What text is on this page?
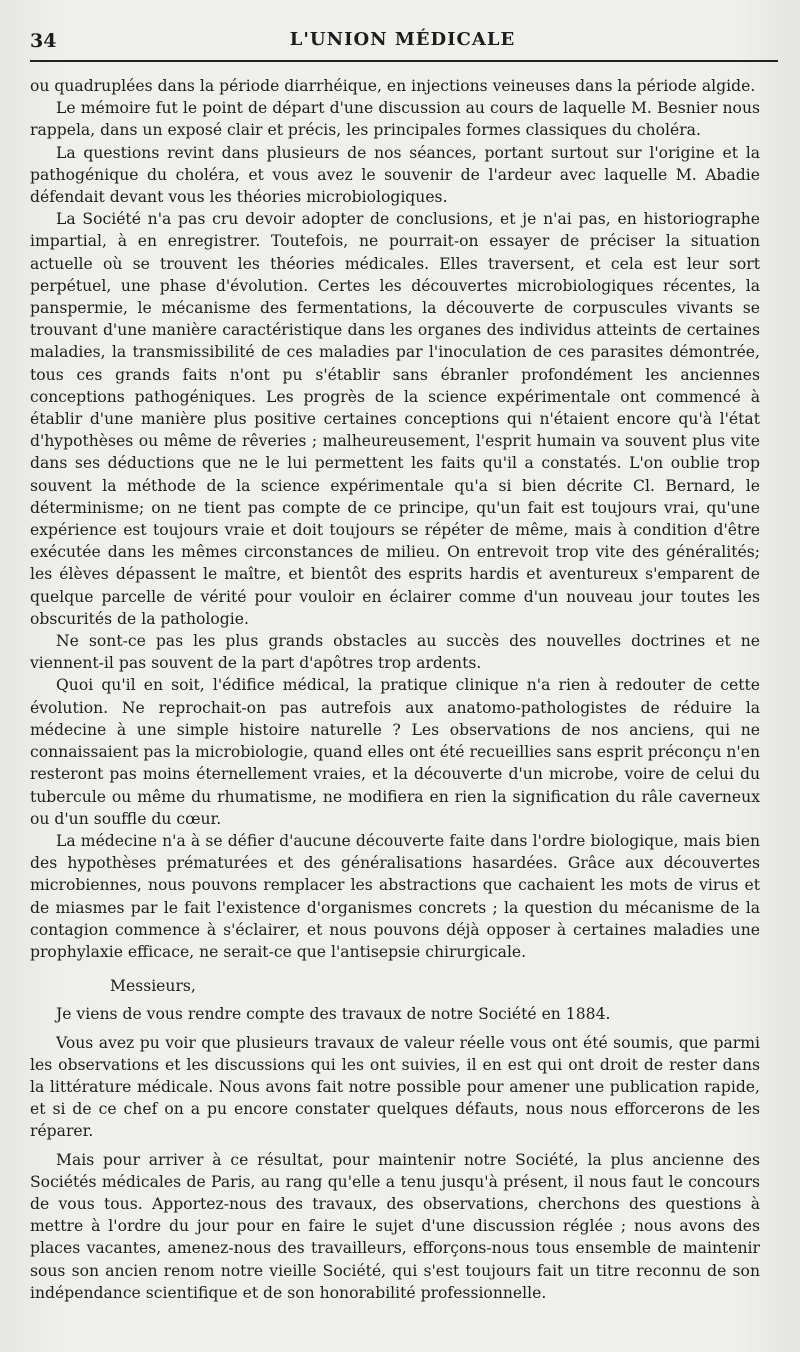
34	L'UNION MÉDICALE

ou quadruplées dans la période diarrhéique, en injections veineuses dans la période algide.

Le mémoire fut le point de départ d'une discussion au cours de laquelle M. Besnier nous rappela, dans un exposé clair et précis, les principales formes classiques du choléra.

La questions revint dans plusieurs de nos séances, portant surtout sur l'origine et la pathogénique du choléra, et vous avez le souvenir de l'ardeur avec laquelle M. Abadie défendait devant vous les théories microbiologiques.

La Société n'a pas cru devoir adopter de conclusions, et je n'ai pas, en historiographe impartial, à en enregistrer. Toutefois, ne pourrait-on essayer de préciser la situation actuelle où se trouvent les théories médicales. Elles traversent, et cela est leur sort perpétuel, une phase d'évolution. Certes les découvertes microbiologiques récentes, la panspermie, le mécanisme des fermentations, la découverte de corpuscules vivants se trouvant d'une manière caractéristique dans les organes des individus atteints de certaines maladies, la transmissibilité de ces maladies par l'inoculation de ces parasites démontrée, tous ces grands faits n'ont pu s'établir sans ébranler profondément les anciennes conceptions pathogéniques. Les progrès de la science expérimentale ont commencé à établir d'une manière plus positive certaines conceptions qui n'étaient encore qu'à l'état d'hypothèses ou même de rêveries ; malheureusement, l'esprit humain va souvent plus vite dans ses déductions que ne le lui permettent les faits qu'il a constatés. L'on oublie trop souvent la méthode de la science expérimentale qu'a si bien décrite Cl. Bernard, le déterminisme; on ne tient pas compte de ce principe, qu'un fait est toujours vrai, qu'une expérience est toujours vraie et doit toujours se répéter de même, mais à condition d'être exécutée dans les mêmes circonstances de milieu. On entrevoit trop vite des généralités; les élèves dépassent le maître, et bientôt des esprits hardis et aventureux s'emparent de quelque parcelle de vérité pour vouloir en éclairer comme d'un nouveau jour toutes les obscurités de la pathologie.

Ne sont-ce pas les plus grands obstacles au succès des nouvelles doctrines et ne viennent-il pas souvent de la part d'apôtres trop ardents.

Quoi qu'il en soit, l'édifice médical, la pratique clinique n'a rien à redouter de cette évolution. Ne reprochait-on pas autrefois aux anatomo-pathologistes de réduire la médecine à une simple histoire naturelle ? Les observations de nos anciens, qui ne connaissaient pas la microbiologie, quand elles ont été recueillies sans esprit préconçu n'en resteront pas moins éternellement vraies, et la découverte d'un microbe, voire de celui du tubercule ou même du rhumatisme, ne modifiera en rien la signification du râle caverneux ou d'un souffle du cœur.

La médecine n'a à se défier d'aucune découverte faite dans l'ordre biologique, mais bien des hypothèses prématurées et des généralisations hasardées. Grâce aux découvertes microbiennes, nous pouvons remplacer les abstractions que cachaient les mots de virus et de miasmes par le fait l'existence d'organismes concrets ; la question du mécanisme de la contagion commence à s'éclairer, et nous pouvons déjà opposer à certaines maladies une prophylaxie efficace, ne serait-ce que l'antisepsie chirurgicale.

Messieurs,

Je viens de vous rendre compte des travaux de notre Société en 1884.

Vous avez pu voir que plusieurs travaux de valeur réelle vous ont été soumis, que parmi les observations et les discussions qui les ont suivies, il en est qui ont droit de rester dans la littérature médicale. Nous avons fait notre possible pour amener une publication rapide, et si de ce chef on a pu encore constater quelques défauts, nous nous efforcerons de les réparer.

Mais pour arriver à ce résultat, pour maintenir notre Société, la plus ancienne des Sociétés médicales de Paris, au rang qu'elle a tenu jusqu'à présent, il nous faut le concours de vous tous. Apportez-nous des travaux, des observations, cherchons des questions à mettre à l'ordre du jour pour en faire le sujet d'une discussion réglée ; nous avons des places vacantes, amenez-nous des travailleurs, efforçons-nous tous ensemble de maintenir sous son ancien renom notre vieille Société, qui s'est toujours fait un titre reconnu de son indépendance scientifique et de son honorabilité professionnelle.
